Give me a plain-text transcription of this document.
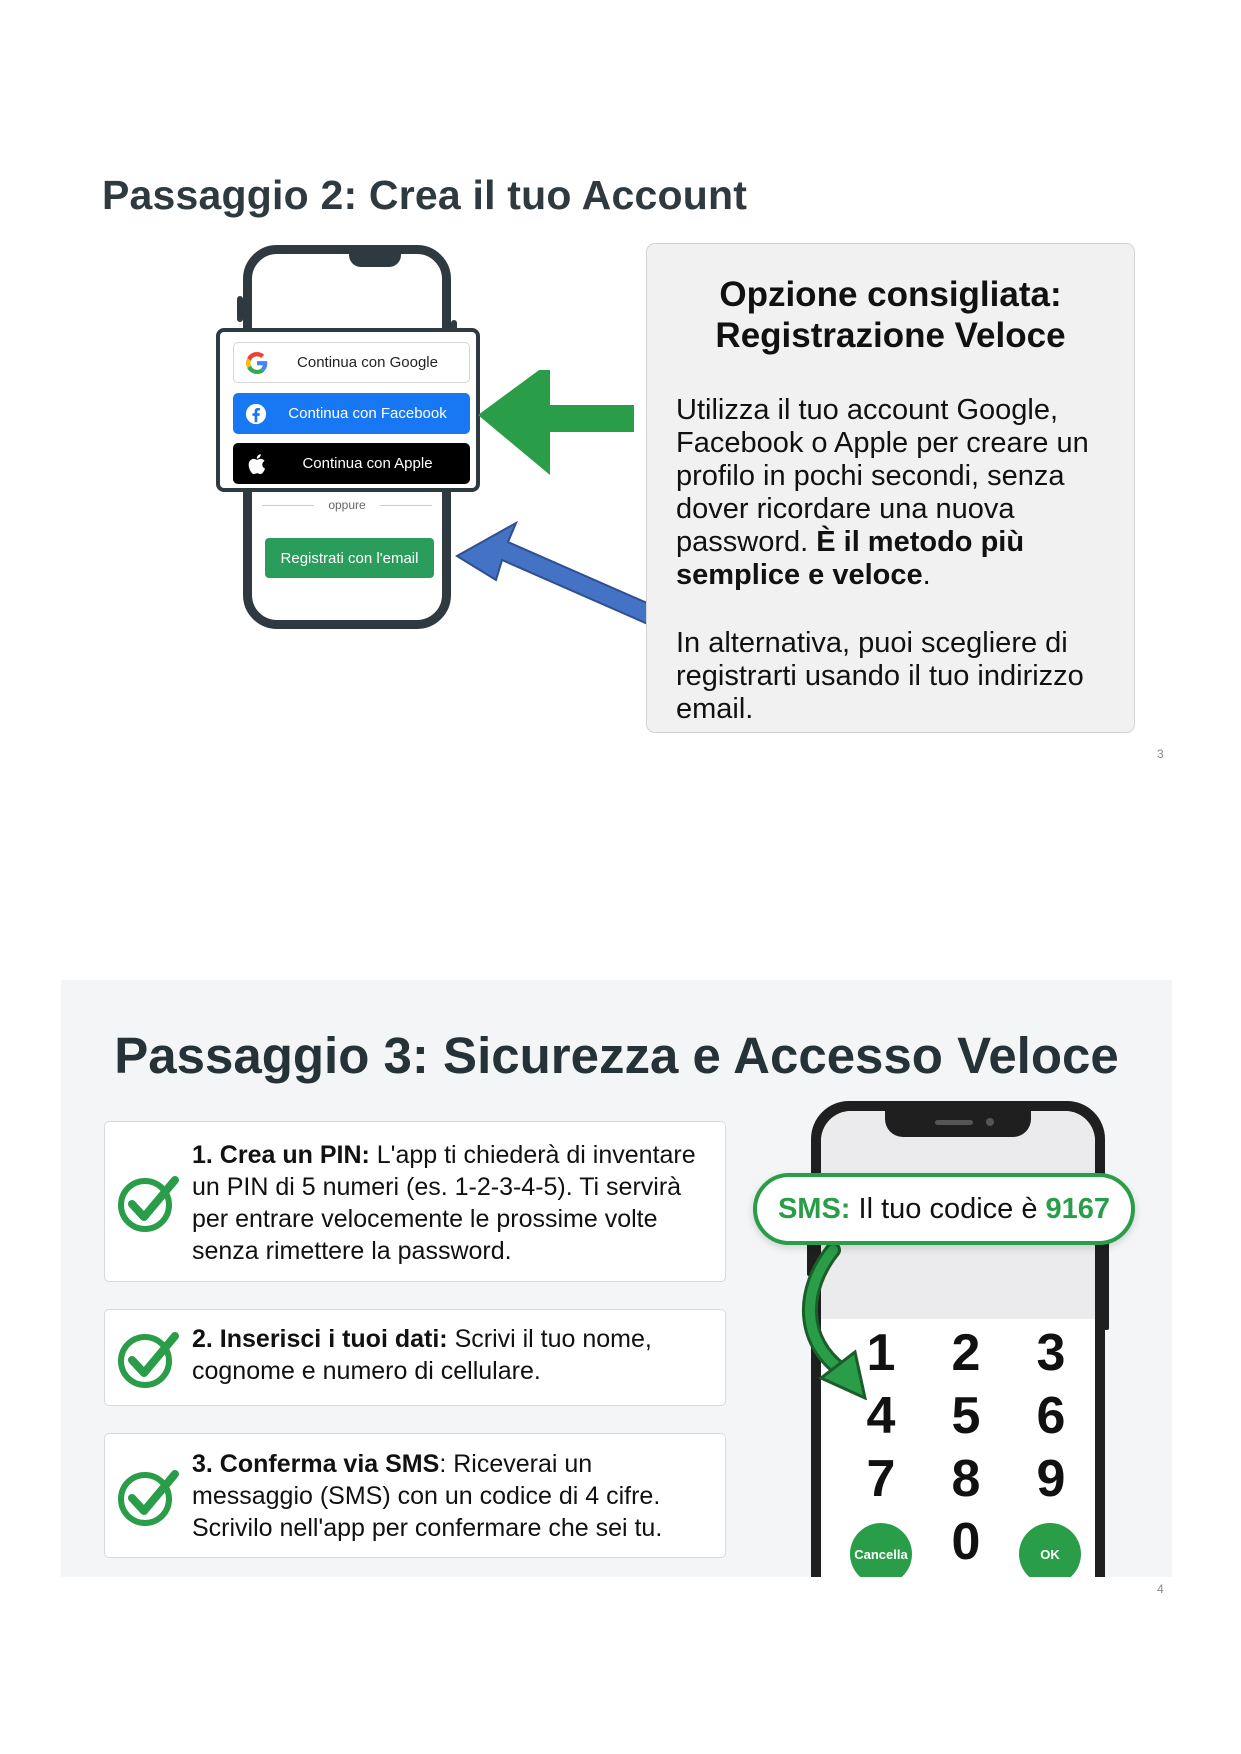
Passaggio 2: Crea il tuo Account
Continua con Google
Continua con Facebook
Continua con Apple
oppure
Registrati con l'email
Opzione consigliata:
Registrazione Veloce
Utilizza il tuo account Google, Facebook o Apple per creare un profilo in pochi secondi, senza dover ricordare una nuova password. È il metodo più semplice e veloce.
In alternativa, puoi scegliere di registrarti usando il tuo indirizzo email.
3
Passaggio 3: Sicurezza e Accesso Veloce
1. Crea un PIN: L'app ti chiederà di inventare un PIN di 5 numeri (es. 1-2-3-4-5). Ti servirà per entrare velocemente le prossime volte senza rimettere la password.
2. Inserisci i tuoi dati: Scrivi il tuo nome, cognome e numero di cellulare.
3. Conferma via SMS: Riceverai un messaggio (SMS) con un codice di 4 cifre. Scrivilo nell'app per confermare che sei tu.
1 2 3
4 5 6
7 8 9
Cancella 0	OK
SMS: Il tuo codice è 9167
4
